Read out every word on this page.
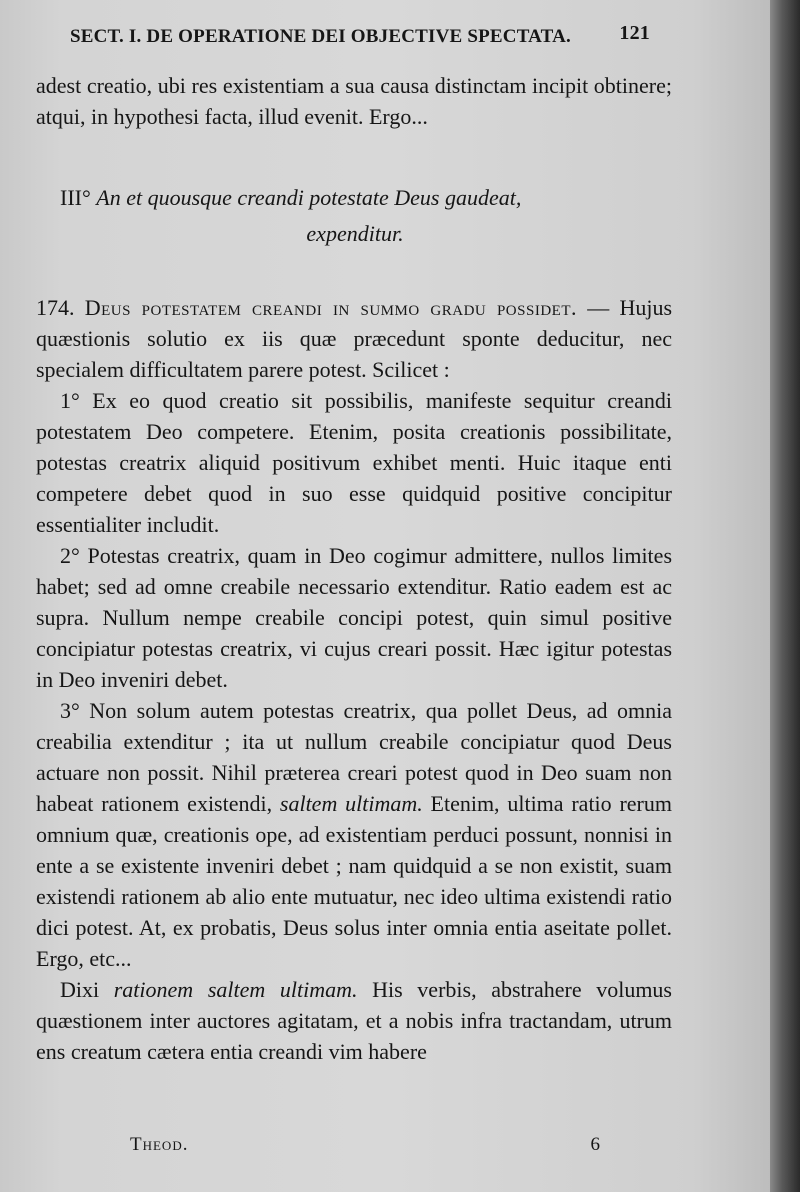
SECT. I. DE OPERATIONE DEI OBJECTIVE SPECTATA. 121

adest creatio, ubi res existentiam a sua causa distinctam incipit obtinere; atqui, in hypothesi facta, illud evenit. Ergo...

III° An et quousque creandi potestate Deus gaudeat,
expenditur.

174. Deus potestatem creandi in summo gradu possidet. — Hujus quæstionis solutio ex iis quæ præcedunt sponte deducitur, nec specialem difficultatem parere potest. Scilicet :

1° Ex eo quod creatio sit possibilis, manifeste sequitur creandi potestatem Deo competere. Etenim, posita creationis possibilitate, potestas creatrix aliquid positivum exhibet menti. Huic itaque enti competere debet quod in suo esse quidquid positive concipitur essentialiter includit.

2° Potestas creatrix, quam in Deo cogimur admittere, nullos limites habet; sed ad omne creabile necessario extenditur. Ratio eadem est ac supra. Nullum nempe creabile concipi potest, quin simul positive concipiatur potestas creatrix, vi cujus creari possit. Hæc igitur potestas in Deo inveniri debet.

3° Non solum autem potestas creatrix, qua pollet Deus, ad omnia creabilia extenditur ; ita ut nullum creabile concipiatur quod Deus actuare non possit. Nihil præterea creari potest quod in Deo suam non habeat rationem existendi, saltem ultimam. Etenim, ultima ratio rerum omnium quæ, creationis ope, ad existentiam perduci possunt, nonnisi in ente a se existente inveniri debet ; nam quidquid a se non existit, suam existendi rationem ab alio ente mutuatur, nec ideo ultima existendi ratio dici potest. At, ex probatis, Deus solus inter omnia entia aseitate pollet. Ergo, etc...

Dixi rationem saltem ultimam. His verbis, abstrahere volumus quæstionem inter auctores agitatam, et a nobis infra tractandam, utrum ens creatum cætera entia creandi vim habere

Theod.	6
